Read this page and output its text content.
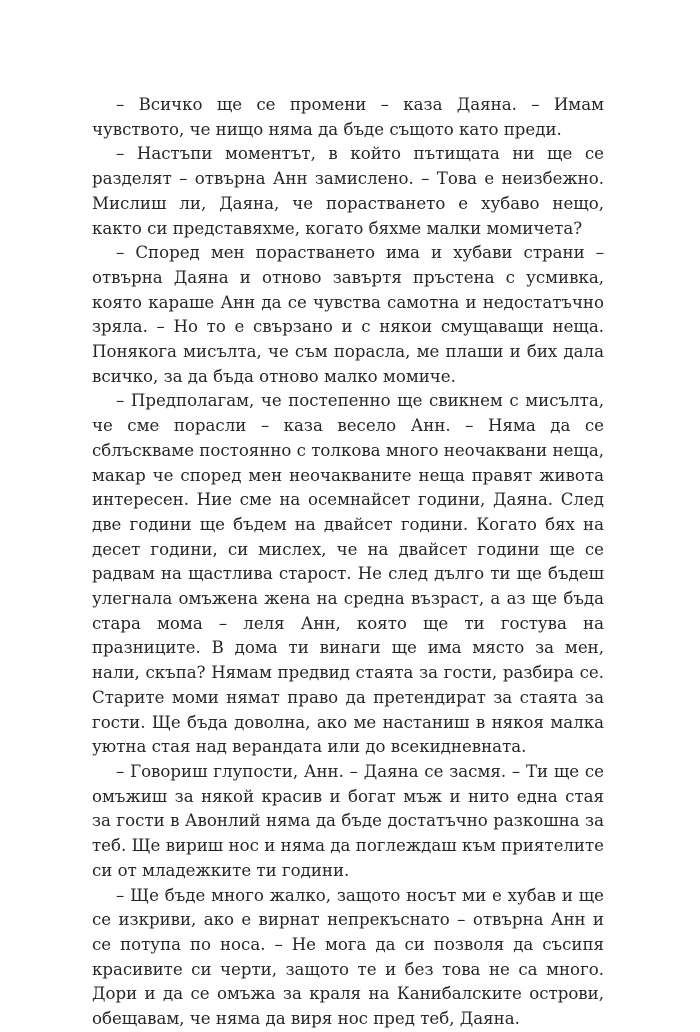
– Всичко ще се промени – каза Даяна. – Имам чувството, че нищо няма да бъде същото като преди.

– Настъпи моментът, в който пътищата ни ще се разделят – отвърна Анн замислено. – Това е неизбежно. Мислиш ли, Даяна, че порастването е хубаво нещо, както си представяхме, когато бяхме малки момичета?

– Според мен порастването има и хубави страни – отвърна Даяна и отново завъртя пръстена с усмивка, която караше Анн да се чувства самотна и недостатъчно зряла. – Но то е свързано и с някои смущаващи неща. Понякога мисълта, че съм порасла, ме плаши и бих дала всичко, за да бъда отново малко момиче.

– Предполагам, че постепенно ще свикнем с мисълта, че сме порасли – каза весело Анн. – Няма да се сблъскваме постоянно с толкова много неочаквани неща, макар че според мен неочакваните неща правят живота интересен. Ние сме на осемнайсет години, Даяна. След две години ще бъдем на двайсет години. Когато бях на десет години, си мислех, че на двайсет години ще се радвам на щастлива старост. Не след дълго ти ще бъдеш улегнала омъжена жена на средна възраст, а аз ще бъда стара мома – леля Анн, която ще ти гостува на празниците. В дома ти винаги ще има място за мен, нали, скъпа? Нямам предвид стаята за гости, разбира се. Старите моми нямат право да претендират за стаята за гости. Ще бъда доволна, ако ме настаниш в някоя малка уютна стая над верандата или до всекидневната.

– Говориш глупости, Анн. – Даяна се засмя. – Ти ще се омъжиш за някой красив и богат мъж и нито една стая за гости в Авонлий няма да бъде достатъчно разкошна за теб. Ще вириш нос и няма да поглеждаш към приятелите си от младежките ти години.

– Ще бъде много жалко, защото носът ми е хубав и ще се изкриви, ако е вирнат непрекъснато – отвърна Анн и се потупа по носа. – Не мога да си позволя да съсипя красивите си черти, защото те и без това не са много. Дори и да се омъжа за краля на Канибалските острови, обещавам, че няма да виря нос пред теб, Даяна.
